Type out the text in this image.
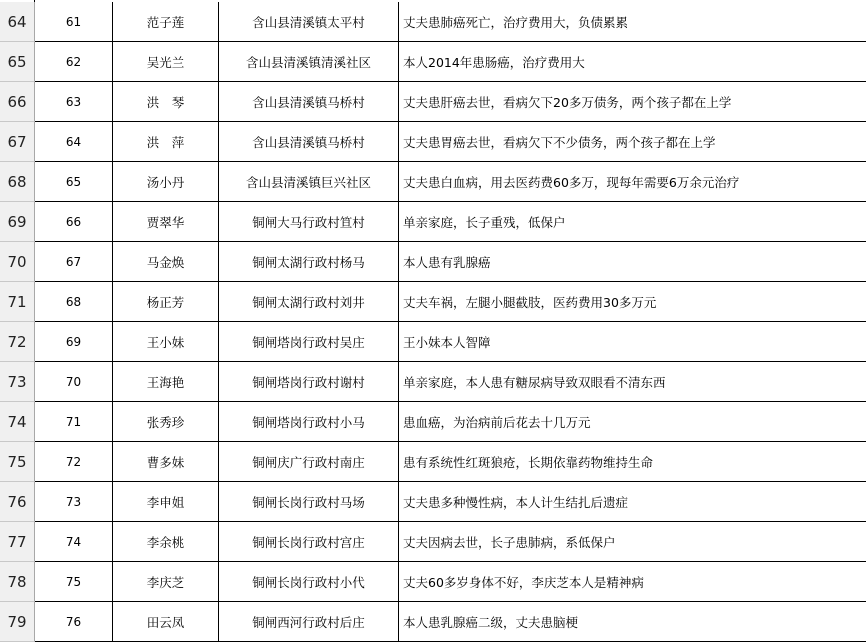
64	61	范子莲	含山县清溪镇太平村	丈夫患肺癌死亡，治疗费用大，负债累累
65	62	吴光兰	含山县清溪镇清溪社区	本人2014年患肠癌，治疗费用大
66	63	洪　琴	含山县清溪镇马桥村	丈夫患肝癌去世，看病欠下20多万债务，两个孩子都在上学
67	64	洪　萍	含山县清溪镇马桥村	丈夫患胃癌去世，看病欠下不少债务，两个孩子都在上学
68	65	汤小丹	含山县清溪镇巨兴社区	丈夫患白血病，用去医药费60多万，现每年需要6万余元治疗
69	66	贾翠华	铜闸大马行政村笪村	单亲家庭，长子重残，低保户
70	67	马金焕	铜闸太湖行政村杨马	本人患有乳腺癌
71	68	杨正芳	铜闸太湖行政村刘井	丈夫车祸，左腿小腿截肢，医药费用30多万元
72	69	王小妹	铜闸塔岗行政村吴庄	王小妹本人智障
73	70	王海艳	铜闸塔岗行政村谢村	单亲家庭，本人患有糖尿病导致双眼看不清东西
74	71	张秀珍	铜闸塔岗行政村小马	患血癌，为治病前后花去十几万元
75	72	曹多妹	铜闸庆广行政村南庄	患有系统性红斑狼疮，长期依靠药物维持生命
76	73	李申姐	铜闸长岗行政村马场	丈夫患多种慢性病，本人计生结扎后遗症
77	74	李余桃	铜闸长岗行政村宫庄	丈夫因病去世，长子患肺病，系低保户
78	75	李庆芝	铜闸长岗行政村小代	丈夫60多岁身体不好，李庆芝本人是精神病
79	76	田云凤	铜闸西河行政村后庄	本人患乳腺癌二级，丈夫患脑梗
